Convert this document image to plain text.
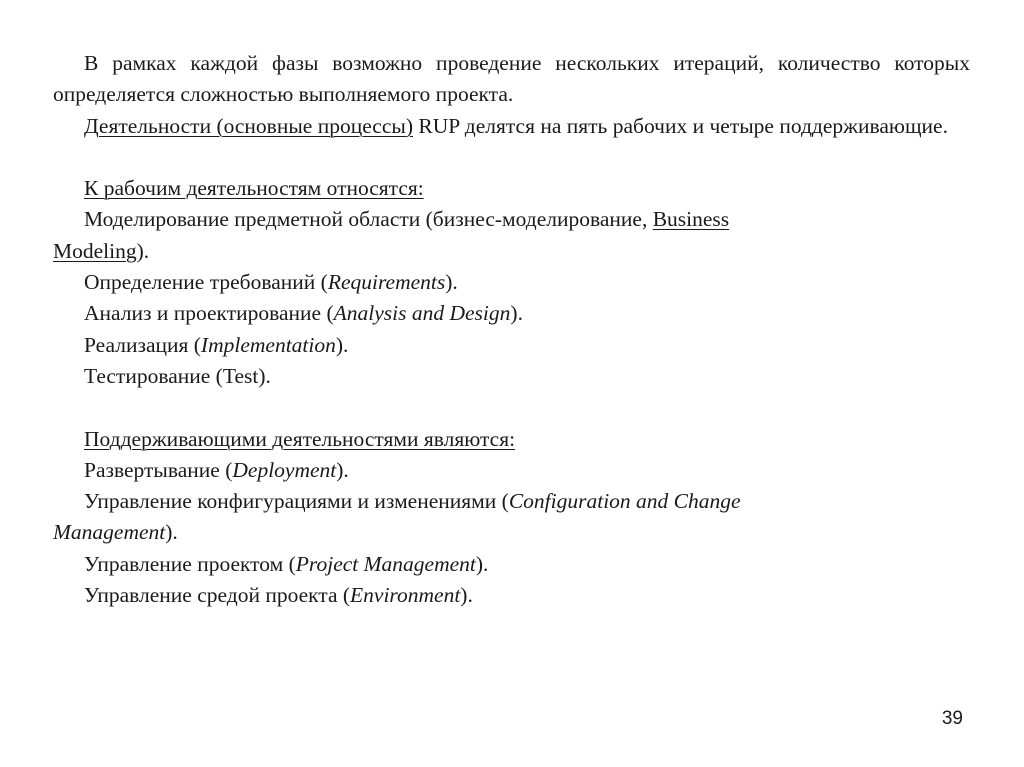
В рамках каждой фазы возможно проведение нескольких итераций, количество которых определяется сложностью выполняемого проекта.

Деятельности (основные процессы) RUP делятся на пять рабочих и четыре поддерживающие.

К рабочим деятельностям относятся:

Моделирование предметной области (бизнес-моделирование, Business

Modeling).

Определение требований (Requirements).

Анализ и проектирование (Analysis and Design).

Реализация (Implementation).

Тестирование (Test).

Поддерживающими деятельностями являются:

Развертывание (Deployment).

Управление конфигурациями и изменениями (Configuration and Change

Management).

Управление проектом (Project Management).

Управление средой проекта (Environment).

39
